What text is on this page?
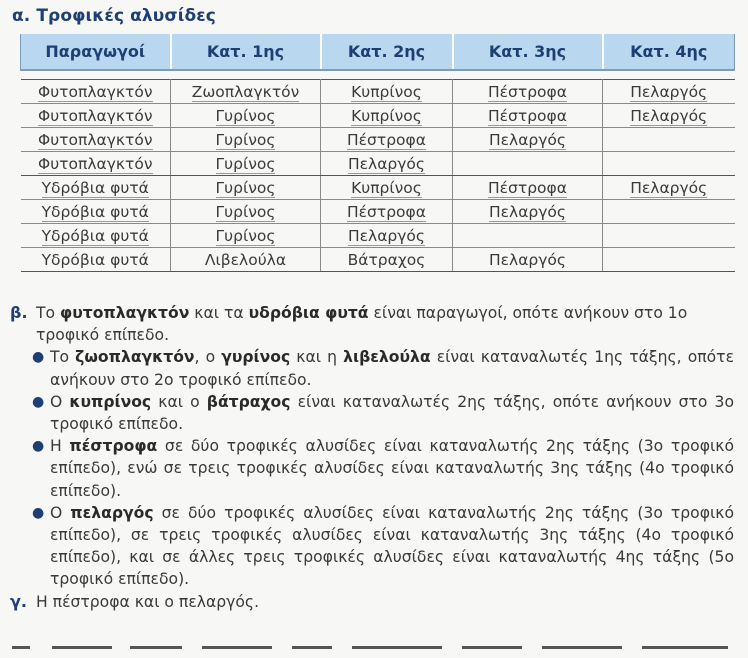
α. Τροφικές αλυσίδες
Παραγωγοί	Κατ. 1ης	Κατ. 2ης	Κατ. 3ης	Κατ. 4ης

Φυτοπλαγκτόν	Ζωοπλαγκτόν	Κυπρίνος	Πέστροφα	Πελαργός
Φυτοπλαγκτόν	Γυρίνος	Κυπρίνος	Πέστροφα	Πελαργός
Φυτοπλαγκτόν	Γυρίνος	Πέστροφα	Πελαργός	
Φυτοπλαγκτόν	Γυρίνος	Πελαργός		
Υδρόβια φυτά	Γυρίνος	Κυπρίνος	Πέστροφα	Πελαργός
Υδρόβια φυτά	Γυρίνος	Πέστροφα	Πελαργός	
Υδρόβια φυτά	Γυρίνος	Πελαργός		
Υδρόβια φυτά	Λιβελούλα	Βάτραχος	Πελαργός	
β. Το φυτοπλαγκτόν και τα υδρόβια φυτά είναι παραγωγοί, οπότε ανήκουν στο 1ο τροφικό επίπεδο.
● Το ζωοπλαγκτόν, ο γυρίνος και η λιβελούλα είναι καταναλωτές 1ης τάξης, οπότε ανήκουν στο 2ο τροφικό επίπεδο.
● Ο κυπρίνος και ο βάτραχος είναι καταναλωτές 2ης τάξης, οπότε ανήκουν στο 3ο τροφικό επίπεδο.
● Η πέστροφα σε δύο τροφικές αλυσίδες είναι καταναλωτής 2ης τάξης (3ο τροφικό επίπεδο), ενώ σε τρεις τροφικές αλυσίδες είναι καταναλωτής 3ης τάξης (4ο τροφικό επίπεδο).
● Ο πελαργός σε δύο τροφικές αλυσίδες είναι καταναλωτής 2ης τάξης (3ο τροφικό επίπεδο), σε τρεις τροφικές αλυσίδες είναι καταναλωτής 3ης τάξης (4ο τροφικό επίπεδο), και σε άλλες τρεις τροφικές αλυσίδες είναι καταναλωτής 4ης τάξης (5ο τροφικό επίπεδο).
γ. Η πέστροφα και ο πελαργός.
